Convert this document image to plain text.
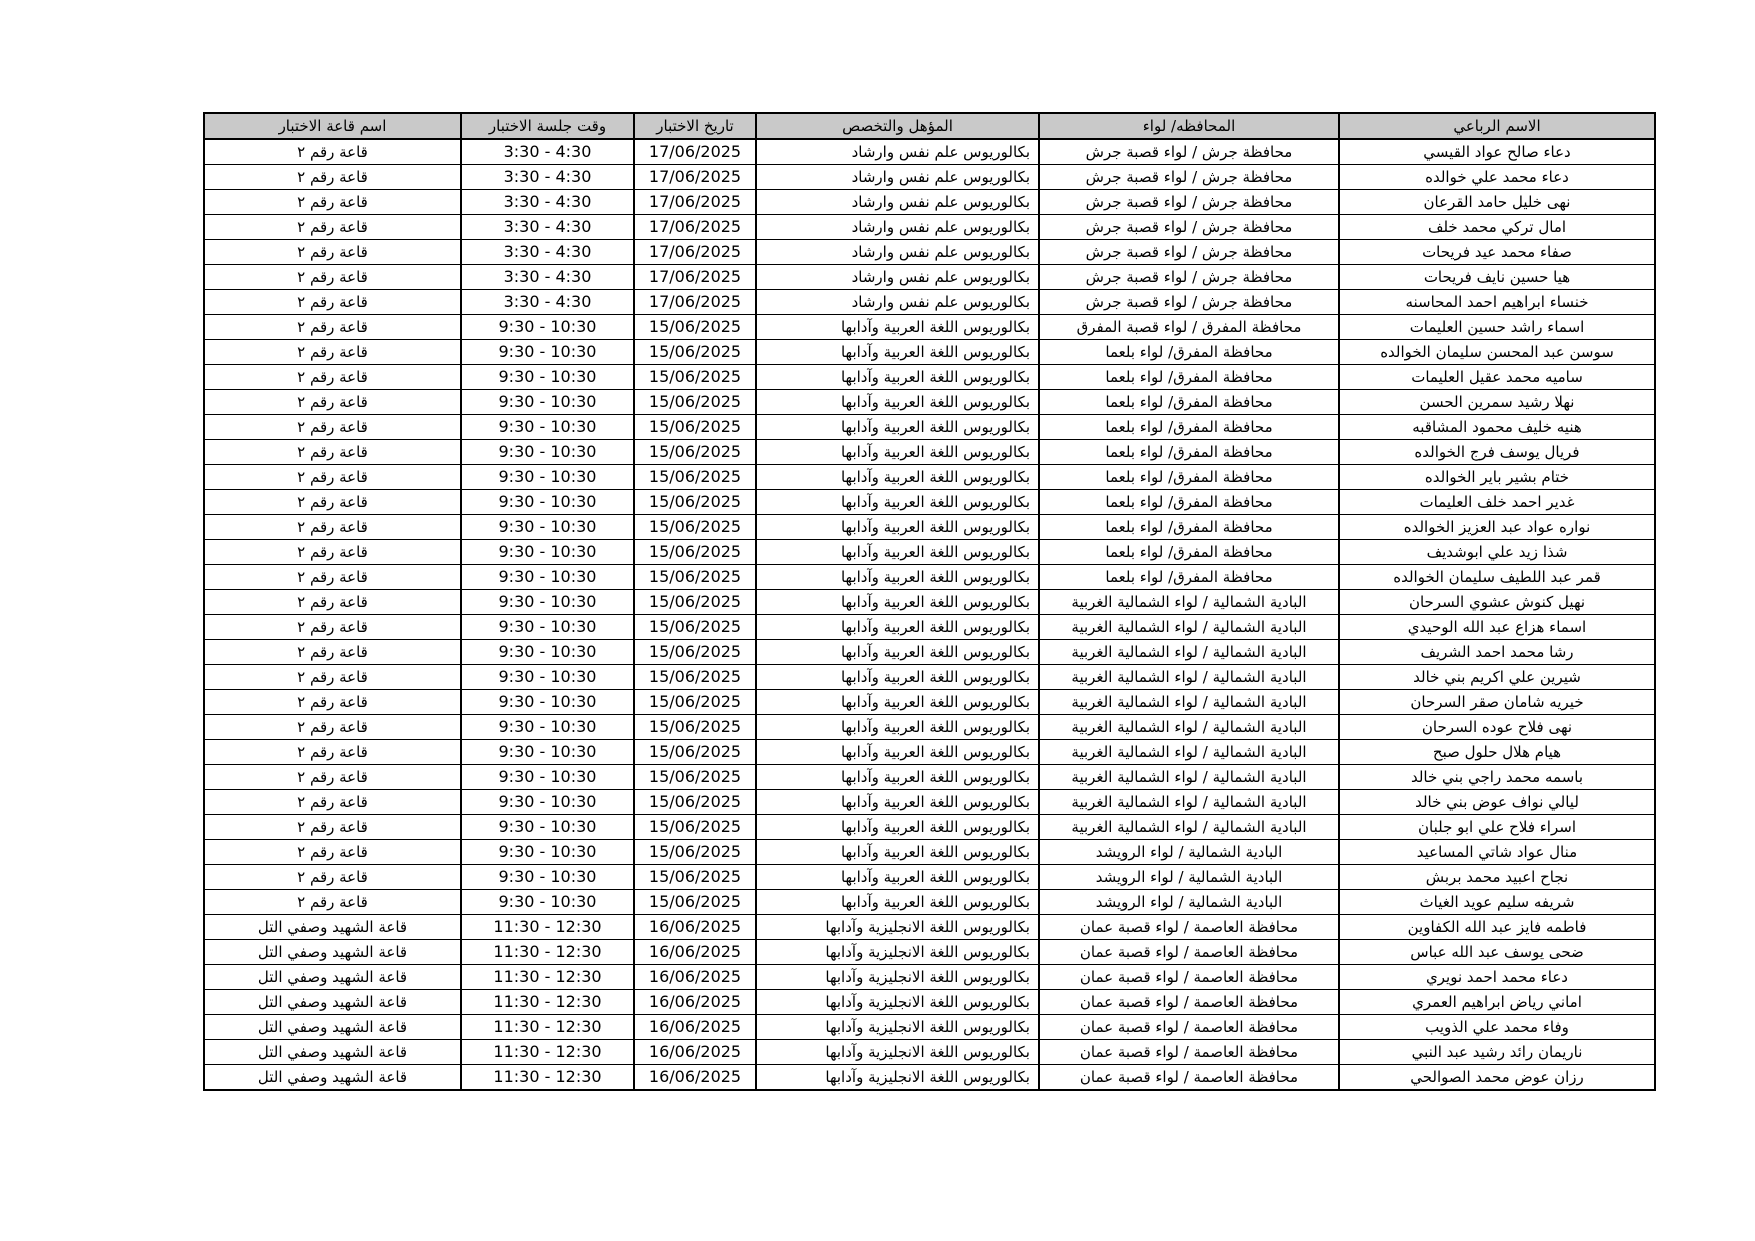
الاسم الرباعي	المحافظه/ لواء	المؤهل والتخصص	تاريخ الاختبار	وقت جلسة الاختبار	اسم قاعة الاختبار
دعاء صالح عواد القيسي	محافظة جرش / لواء قصبة جرش	بكالوريوس علم نفس وارشاد	17/06/2025	3:30 - 4:30	قاعة رقم ٢
دعاء محمد علي خوالده	محافظة جرش / لواء قصبة جرش	بكالوريوس علم نفس وارشاد	17/06/2025	3:30 - 4:30	قاعة رقم ٢
نهى خليل حامد القرعان	محافظة جرش / لواء قصبة جرش	بكالوريوس علم نفس وارشاد	17/06/2025	3:30 - 4:30	قاعة رقم ٢
امال تركي محمد خلف	محافظة جرش / لواء قصبة جرش	بكالوريوس علم نفس وارشاد	17/06/2025	3:30 - 4:30	قاعة رقم ٢
صفاء محمد عيد فريحات	محافظة جرش / لواء قصبة جرش	بكالوريوس علم نفس وارشاد	17/06/2025	3:30 - 4:30	قاعة رقم ٢
هيا حسين نايف فريحات	محافظة جرش / لواء قصبة جرش	بكالوريوس علم نفس وارشاد	17/06/2025	3:30 - 4:30	قاعة رقم ٢
خنساء ابراهيم احمد المحاسنه	محافظة جرش / لواء قصبة جرش	بكالوريوس علم نفس وارشاد	17/06/2025	3:30 - 4:30	قاعة رقم ٢
اسماء راشد حسين العليمات	محافظة المفرق / لواء قصبة المفرق	بكالوريوس اللغة العربية وآدابها	15/06/2025	9:30 - 10:30	قاعة رقم ٢
سوسن عبد المحسن سليمان الخوالده	محافظة المفرق/ لواء بلعما	بكالوريوس اللغة العربية وآدابها	15/06/2025	9:30 - 10:30	قاعة رقم ٢
ساميه محمد عقيل العليمات	محافظة المفرق/ لواء بلعما	بكالوريوس اللغة العربية وآدابها	15/06/2025	9:30 - 10:30	قاعة رقم ٢
نهلا رشيد سمرين الحسن	محافظة المفرق/ لواء بلعما	بكالوريوس اللغة العربية وآدابها	15/06/2025	9:30 - 10:30	قاعة رقم ٢
هنيه خليف محمود المشاقبه	محافظة المفرق/ لواء بلعما	بكالوريوس اللغة العربية وآدابها	15/06/2025	9:30 - 10:30	قاعة رقم ٢
فريال يوسف فرج الخوالده	محافظة المفرق/ لواء بلعما	بكالوريوس اللغة العربية وآدابها	15/06/2025	9:30 - 10:30	قاعة رقم ٢
ختام بشير باير الخوالده	محافظة المفرق/ لواء بلعما	بكالوريوس اللغة العربية وآدابها	15/06/2025	9:30 - 10:30	قاعة رقم ٢
غدير احمد خلف العليمات	محافظة المفرق/ لواء بلعما	بكالوريوس اللغة العربية وآدابها	15/06/2025	9:30 - 10:30	قاعة رقم ٢
نواره عواد عبد العزيز الخوالده	محافظة المفرق/ لواء بلعما	بكالوريوس اللغة العربية وآدابها	15/06/2025	9:30 - 10:30	قاعة رقم ٢
شذا زيد علي ابوشديف	محافظة المفرق/ لواء بلعما	بكالوريوس اللغة العربية وآدابها	15/06/2025	9:30 - 10:30	قاعة رقم ٢
قمر عبد اللطيف سليمان الخوالده	محافظة المفرق/ لواء بلعما	بكالوريوس اللغة العربية وآدابها	15/06/2025	9:30 - 10:30	قاعة رقم ٢
نهيل كنوش عشوي السرحان	البادية الشمالية / لواء الشمالية الغربية	بكالوريوس اللغة العربية وآدابها	15/06/2025	9:30 - 10:30	قاعة رقم ٢
اسماء هزاع عبد الله الوحيدي	البادية الشمالية / لواء الشمالية الغربية	بكالوريوس اللغة العربية وآدابها	15/06/2025	9:30 - 10:30	قاعة رقم ٢
رشا محمد احمد الشريف	البادية الشمالية / لواء الشمالية الغربية	بكالوريوس اللغة العربية وآدابها	15/06/2025	9:30 - 10:30	قاعة رقم ٢
شيرين علي اكريم بني خالد	البادية الشمالية / لواء الشمالية الغربية	بكالوريوس اللغة العربية وآدابها	15/06/2025	9:30 - 10:30	قاعة رقم ٢
خيريه شامان صقر السرحان	البادية الشمالية / لواء الشمالية الغربية	بكالوريوس اللغة العربية وآدابها	15/06/2025	9:30 - 10:30	قاعة رقم ٢
نهى فلاح عوده السرحان	البادية الشمالية / لواء الشمالية الغربية	بكالوريوس اللغة العربية وآدابها	15/06/2025	9:30 - 10:30	قاعة رقم ٢
هيام هلال حلول صبح	البادية الشمالية / لواء الشمالية الغربية	بكالوريوس اللغة العربية وآدابها	15/06/2025	9:30 - 10:30	قاعة رقم ٢
باسمه محمد راجي بني خالد	البادية الشمالية / لواء الشمالية الغربية	بكالوريوس اللغة العربية وآدابها	15/06/2025	9:30 - 10:30	قاعة رقم ٢
ليالي نواف عوض بني خالد	البادية الشمالية / لواء الشمالية الغربية	بكالوريوس اللغة العربية وآدابها	15/06/2025	9:30 - 10:30	قاعة رقم ٢
اسراء فلاح علي ابو جلبان	البادية الشمالية / لواء الشمالية الغربية	بكالوريوس اللغة العربية وآدابها	15/06/2025	9:30 - 10:30	قاعة رقم ٢
منال عواد شاتي المساعيد	البادية الشمالية / لواء الرويشد	بكالوريوس اللغة العربية وآدابها	15/06/2025	9:30 - 10:30	قاعة رقم ٢
نجاح اعبيد محمد بربش	البادية الشمالية / لواء الرويشد	بكالوريوس اللغة العربية وآدابها	15/06/2025	9:30 - 10:30	قاعة رقم ٢
شريفه سليم عويد الغياث	البادية الشمالية / لواء الرويشد	بكالوريوس اللغة العربية وآدابها	15/06/2025	9:30 - 10:30	قاعة رقم ٢
فاطمه فايز عبد الله الكفاوين	محافظة العاصمة / لواء قصبة عمان	بكالوريوس اللغة الانجليزية وآدابها	16/06/2025	11:30 - 12:30	قاعة الشهيد وصفي التل
ضحى يوسف عبد الله عباس	محافظة العاصمة / لواء قصبة عمان	بكالوريوس اللغة الانجليزية وآدابها	16/06/2025	11:30 - 12:30	قاعة الشهيد وصفي التل
دعاء محمد احمد نويري	محافظة العاصمة / لواء قصبة عمان	بكالوريوس اللغة الانجليزية وآدابها	16/06/2025	11:30 - 12:30	قاعة الشهيد وصفي التل
اماني رياض ابراهيم العمري	محافظة العاصمة / لواء قصبة عمان	بكالوريوس اللغة الانجليزية وآدابها	16/06/2025	11:30 - 12:30	قاعة الشهيد وصفي التل
وفاء محمد علي الذويب	محافظة العاصمة / لواء قصبة عمان	بكالوريوس اللغة الانجليزية وآدابها	16/06/2025	11:30 - 12:30	قاعة الشهيد وصفي التل
ناريمان رائد رشيد عبد النبي	محافظة العاصمة / لواء قصبة عمان	بكالوريوس اللغة الانجليزية وآدابها	16/06/2025	11:30 - 12:30	قاعة الشهيد وصفي التل
رزان عوض محمد الصوالحي	محافظة العاصمة / لواء قصبة عمان	بكالوريوس اللغة الانجليزية وآدابها	16/06/2025	11:30 - 12:30	قاعة الشهيد وصفي التل
